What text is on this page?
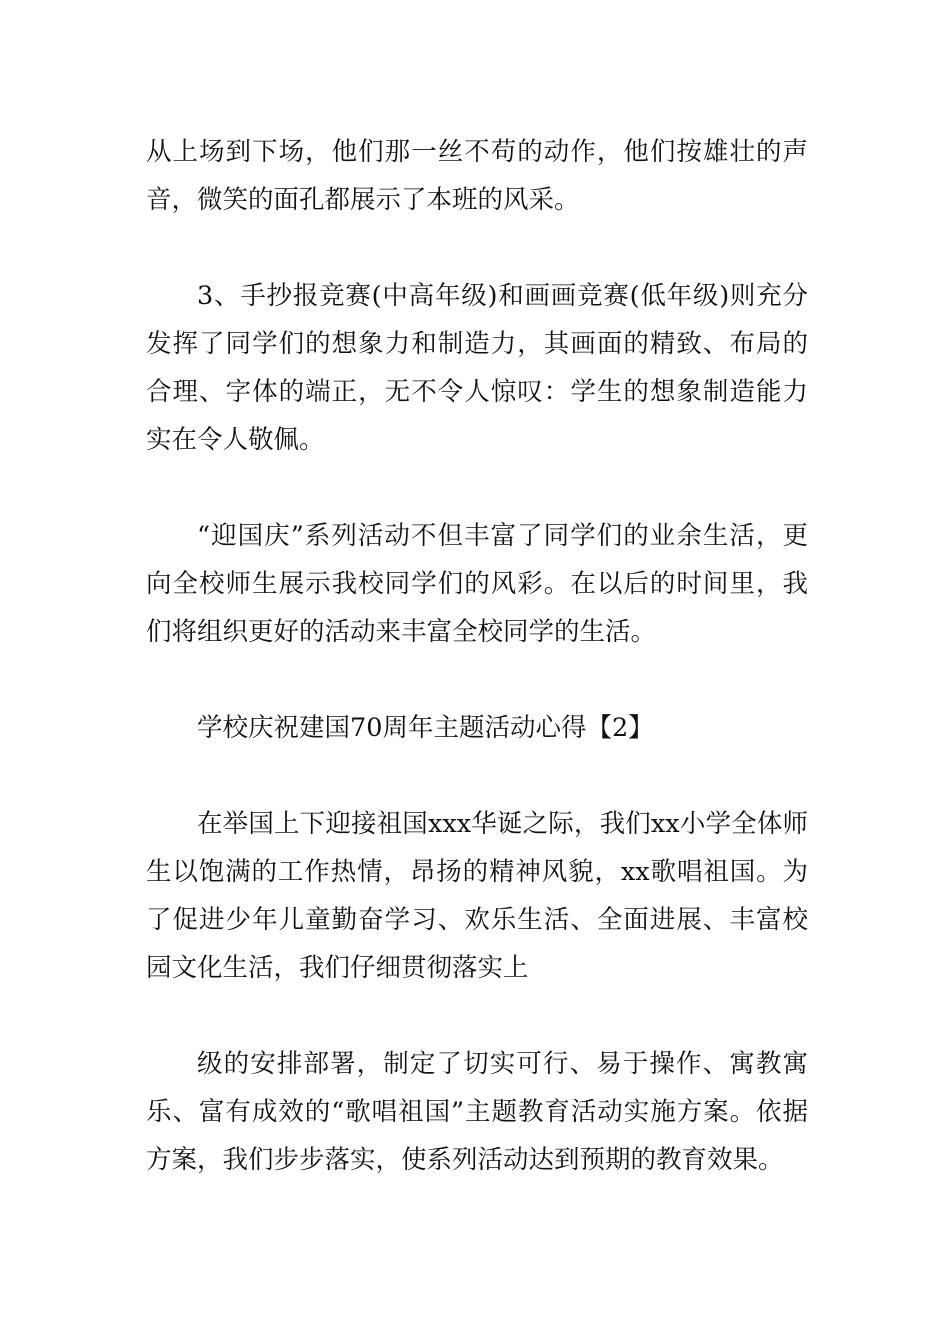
从上场到下场，他们那一丝不苟的动作，他们按雄壮的声音，微笑的面孔都展示了本班的风采。

3、手抄报竞赛(中高年级)和画画竞赛(低年级)则充分发挥了同学们的想象力和制造力，其画面的精致、布局的合理、字体的端正，无不令人惊叹：学生的想象制造能力实在令人敬佩。

“迎国庆”系列活动不但丰富了同学们的业余生活，更向全校师生展示我校同学们的风彩。在以后的时间里，我们将组织更好的活动来丰富全校同学的生活。

学校庆祝建国70周年主题活动心得【2】

在举国上下迎接祖国xxx华诞之际，我们xx小学全体师生以饱满的工作热情，昂扬的精神风貌，xx歌唱祖国。为了促进少年儿童勤奋学习、欢乐生活、全面进展、丰富校园文化生活，我们仔细贯彻落实上

级的安排部署，制定了切实可行、易于操作、寓教寓乐、富有成效的“歌唱祖国”主题教育活动实施方案。依据方案，我们步步落实，使系列活动达到预期的教育效果。
